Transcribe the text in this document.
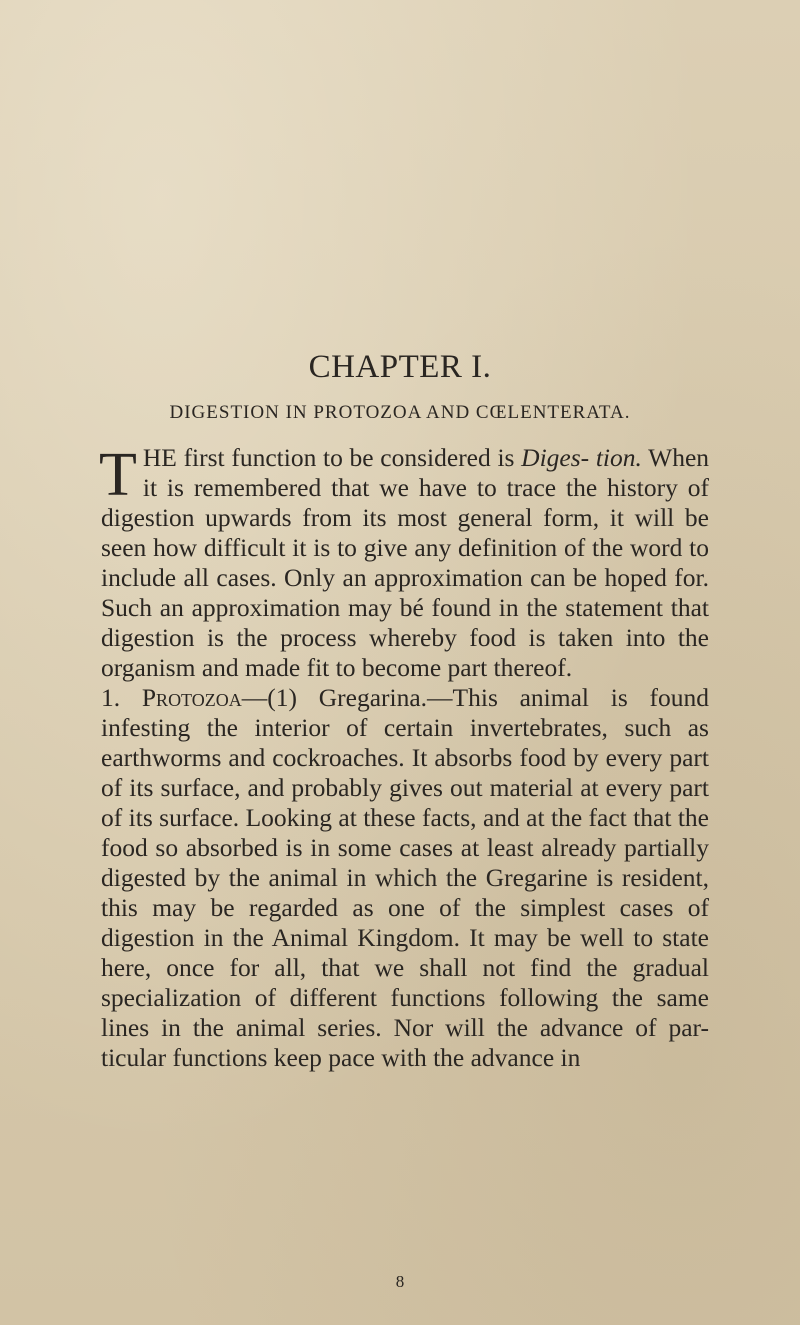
CHAPTER I.
DIGESTION IN PROTOZOA AND CŒLENTERATA.

THE first function to be considered is Diges- tion. When it is remembered that we have to trace the history of digestion upwards from its most general form, it will be seen how difficult it is to give any definition of the word to include all cases. Only an approximation can be hoped for. Such an approximation may bé found in the statement that digestion is the process whereby food is taken into the organism and made fit to become part thereof.

1. Protozoa—(1) Gregarina.—This animal is found infesting the interior of certain invertebrates, such as earthworms and cockroaches. It absorbs food by every part of its surface, and probably gives out material at every part of its surface. Looking at these facts, and at the fact that the food so absorbed is in some cases at least already partially digested by the animal in which the Gregarine is resident, this may be regarded as one of the simplest cases of digestion in the Animal Kingdom. It may be well to state here, once for all, that we shall not find the gradual specialization of different functions following the same lines in the animal series. Nor will the advance of par- ticular functions keep pace with the advance in

8
